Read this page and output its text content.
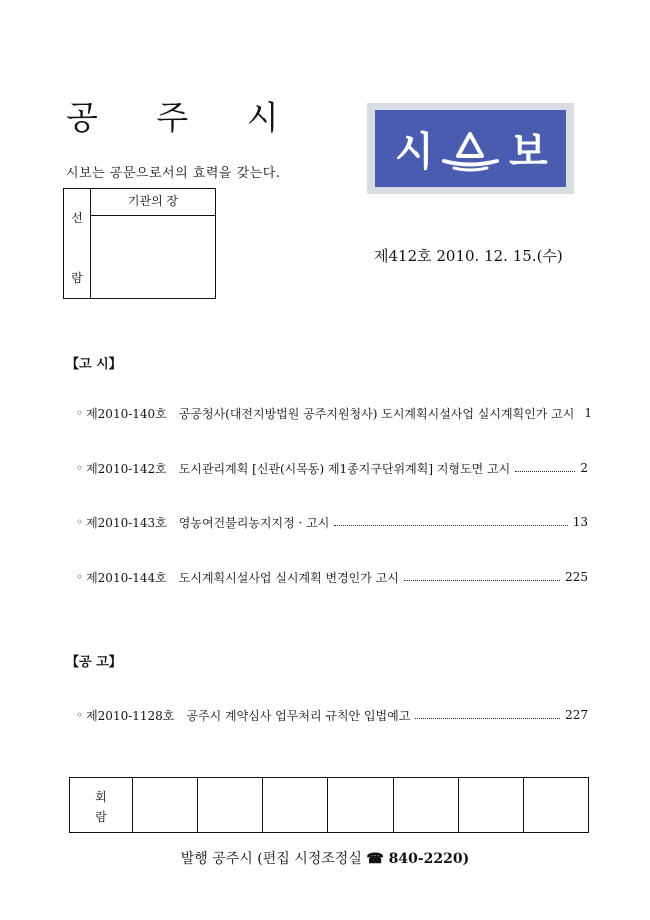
공 주 시
시보는 공문으로서의 효력을 갖는다.
선
람
기관의 장
시 보
제412호 2010. 12. 15.(수)
【고 시】
◦ 제2010-140호 공공청사(대전지방법원 공주지원청사) 도시계획시설사업 실시계획인가 고시 1
◦ 제2010-142호 도시관리계획 [신관(시목동) 제1종지구단위계획] 지형도면 고시	2
◦ 제2010-143호 영농여건불리농지지정 · 고시	13
◦ 제2010-144호 도시계획시설사업 실시계획 변경인가 고시	225
【공 고】
◦ 제2010-1128호 공주시 계약심사 업무처리 규칙안 입법예고	227
회
람
발행 공주시 (편집 시정조정실 ☎ 840-2220)
